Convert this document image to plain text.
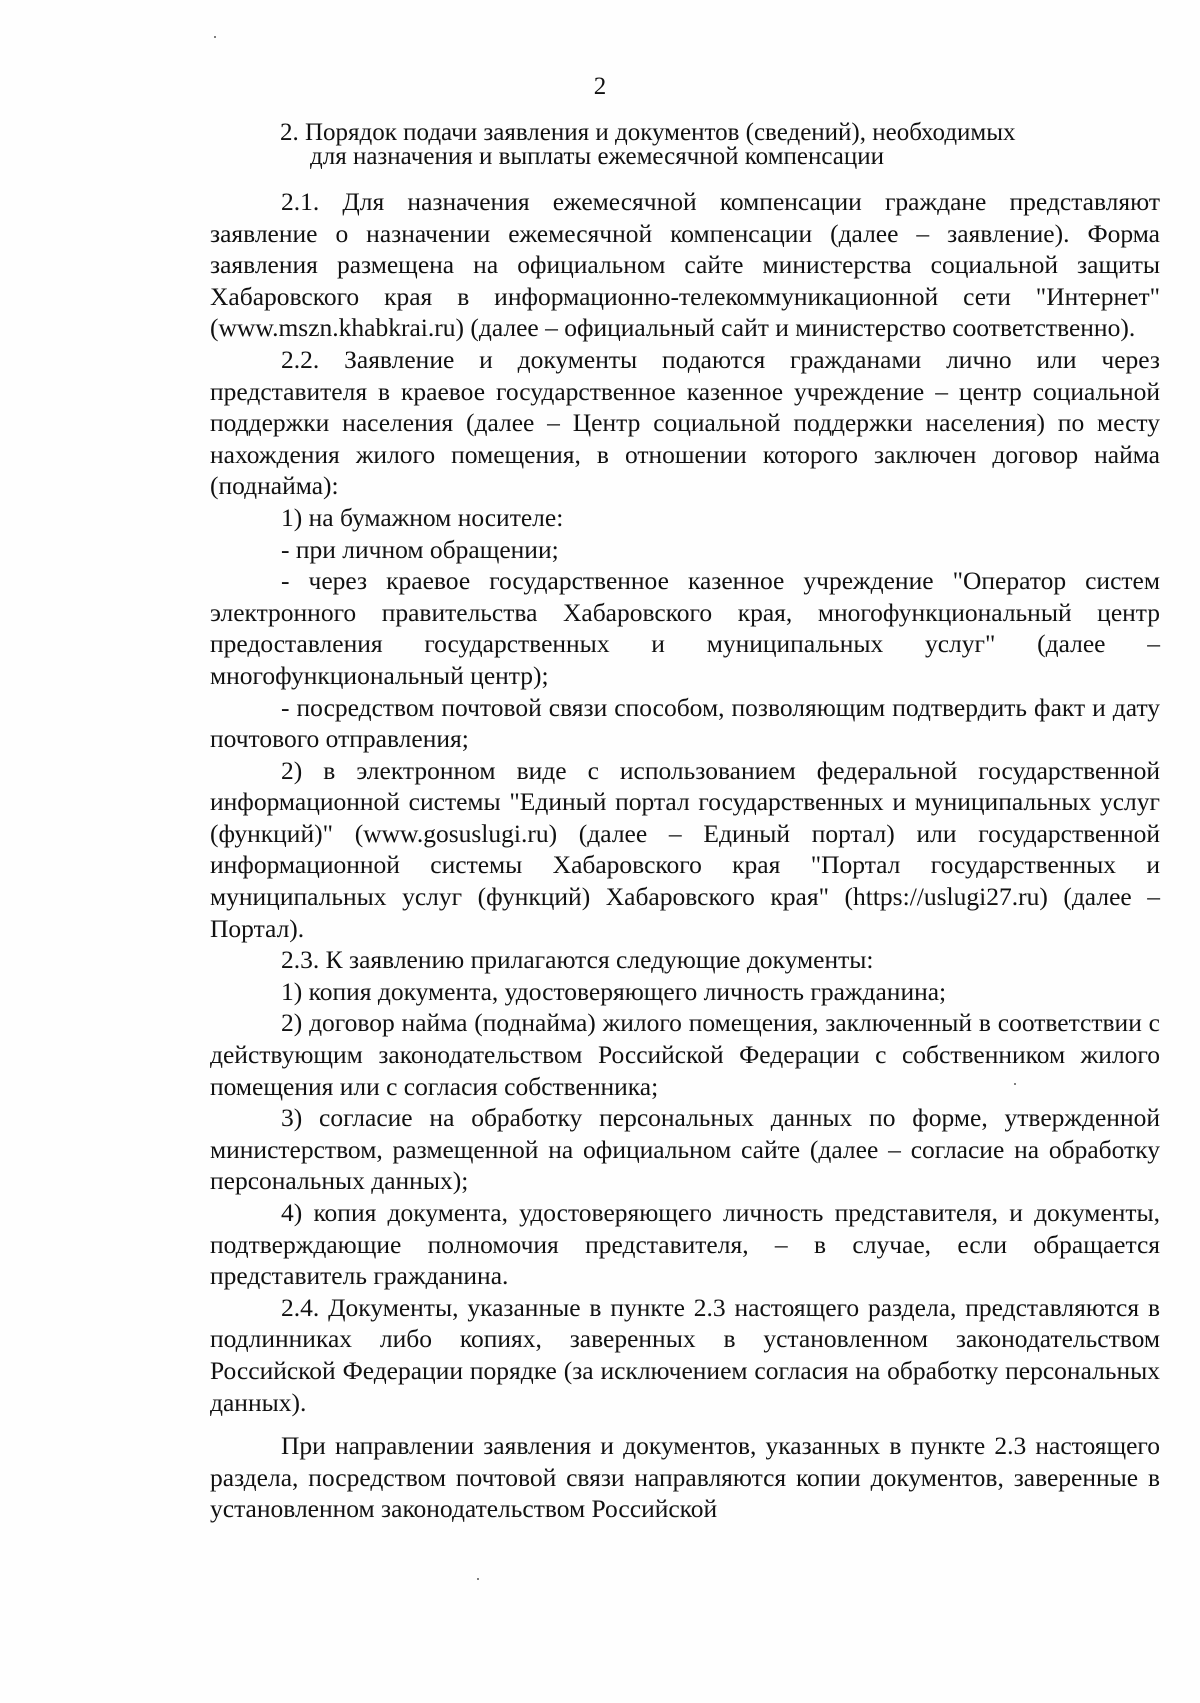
2
2. Порядок подачи заявления и документов (сведений), необходимых
для назначения и выплаты ежемесячной компенсации

2.1. Для назначения ежемесячной компенсации граждане представляют заявление о назначении ежемесячной компенсации (далее – заявление). Форма заявления размещена на официальном сайте министерства социальной защиты Хабаровского края в информационно-телекоммуникационной сети "Интернет" (www.mszn.khabkrai.ru) (далее – официальный сайт и министерство соответственно).

2.2. Заявление и документы подаются гражданами лично или через представителя в краевое государственное казенное учреждение – центр социальной поддержки населения (далее – Центр социальной поддержки населения) по месту нахождения жилого помещения, в отношении которого заключен договор найма (поднайма):

1) на бумажном носителе:

- при личном обращении;

- через краевое государственное казенное учреждение "Оператор систем электронного правительства Хабаровского края, многофункциональный центр предоставления государственных и муниципальных услуг" (далее – многофункциональный центр);

- посредством почтовой связи способом, позволяющим подтвердить факт и дату почтового отправления;

2) в электронном виде с использованием федеральной государственной информационной системы "Единый портал государственных и муниципальных услуг (функций)" (www.gosuslugi.ru) (далее – Единый портал) или государственной информационной системы Хабаровского края "Портал государственных и муниципальных услуг (функций) Хабаровского края" (https://uslugi27.ru) (далее – Портал).

2.3. К заявлению прилагаются следующие документы:

1) копия документа, удостоверяющего личность гражданина;

2) договор найма (поднайма) жилого помещения, заключенный в соответствии с действующим законодательством Российской Федерации с собственником жилого помещения или с согласия собственника;

3) согласие на обработку персональных данных по форме, утвержденной министерством, размещенной на официальном сайте (далее – согласие на обработку персональных данных);

4) копия документа, удостоверяющего личность представителя, и документы, подтверждающие полномочия представителя, – в случае, если обращается представитель гражданина.

2.4. Документы, указанные в пункте 2.3 настоящего раздела, представляются в подлинниках либо копиях, заверенных в установленном законодательством Российской Федерации порядке (за исключением согласия на обработку персональных данных).

При направлении заявления и документов, указанных в пункте 2.3 настоящего раздела, посредством почтовой связи направляются копии документов, заверенные в установленном законодательством Российской
